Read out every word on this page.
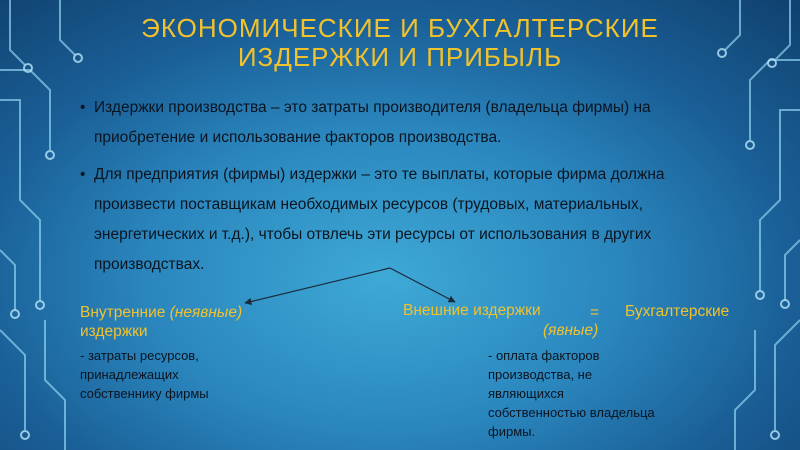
ЭКОНОМИЧЕСКИЕ И БУХГАЛТЕРСКИЕ
ИЗДЕРЖКИ И ПРИБЫЛЬ
• Издержки производства – это затраты производителя (владельца фирмы) на приобретение и использование факторов производства.
• Для предприятия (фирмы) издержки – это те выплаты, которые фирма должна произвести поставщикам необходимых ресурсов (трудовых, материальных, энергетических и т.д.), чтобы отвлечь эти ресурсы от использования в других производствах.
Внутренние (неявные)
издержки
- затраты ресурсов,
принадлежащих
собственнику фирмы
Внешние издержки	= Бухгалтерские
(явные)
- оплата факторов
производства, не
являющихся
собственностью владельца
фирмы.
